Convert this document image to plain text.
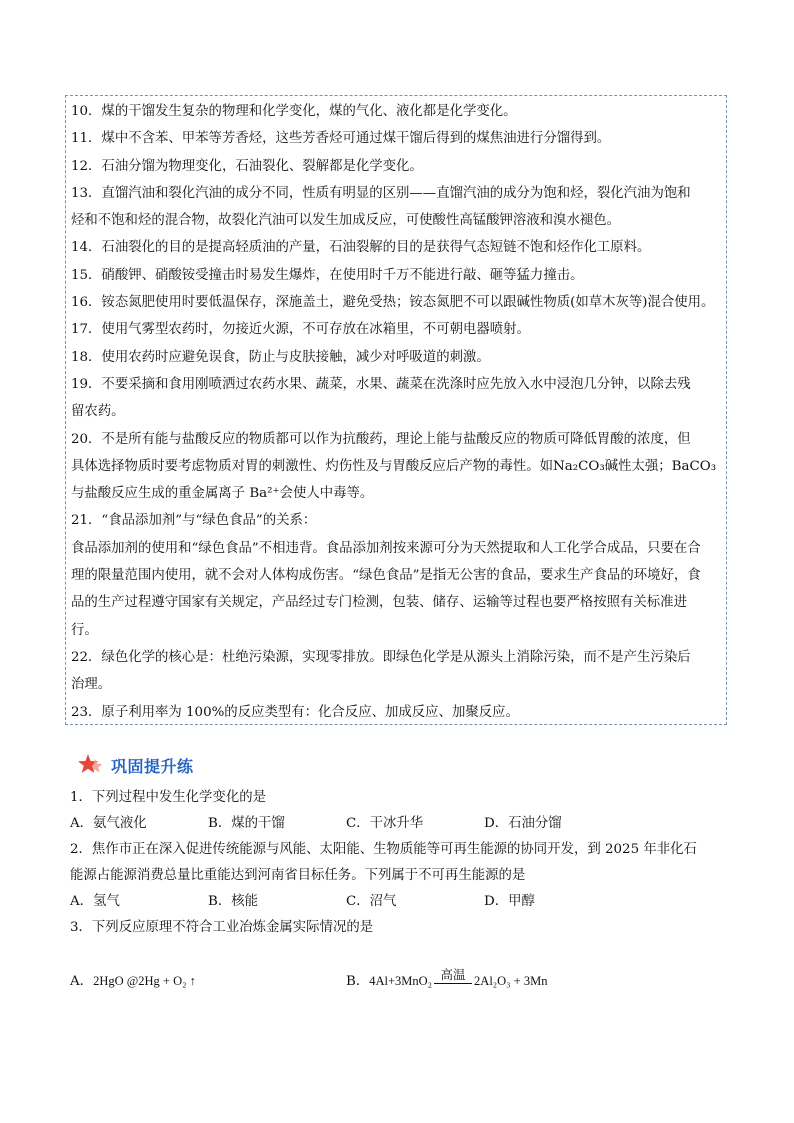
10．煤的干馏发生复杂的物理和化学变化，煤的气化、液化都是化学变化。
11．煤中不含苯、甲苯等芳香烃，这些芳香烃可通过煤干馏后得到的煤焦油进行分馏得到。
12．石油分馏为物理变化，石油裂化、裂解都是化学变化。
13．直馏汽油和裂化汽油的成分不同，性质有明显的区别——直馏汽油的成分为饱和烃，裂化汽油为饱和
烃和不饱和烃的混合物，故裂化汽油可以发生加成反应，可使酸性高锰酸钾溶液和溴水褪色。
14．石油裂化的目的是提高轻质油的产量，石油裂解的目的是获得气态短链不饱和烃作化工原料。
15．硝酸钾、硝酸铵受撞击时易发生爆炸，在使用时千万不能进行敲、砸等猛力撞击。
16．铵态氮肥使用时要低温保存，深施盖土，避免受热；铵态氮肥不可以跟碱性物质(如草木灰等)混合使用。
17．使用气雾型农药时，勿接近火源，不可存放在冰箱里，不可朝电器喷射。
18．使用农药时应避免误食，防止与皮肤接触，减少对呼吸道的刺激。
19．不要采摘和食用刚喷洒过农药水果、蔬菜，水果、蔬菜在洗涤时应先放入水中浸泡几分钟，以除去残
留农药。
20．不是所有能与盐酸反应的物质都可以作为抗酸药，理论上能与盐酸反应的物质可降低胃酸的浓度，但
具体选择物质时要考虑物质对胃的刺激性、灼伤性及与胃酸反应后产物的毒性。如Na₂CO₃碱性太强；BaCO₃
与盐酸反应生成的重金属离子 Ba²⁺会使人中毒等。
21．“食品添加剂”与“绿色食品”的关系：
食品添加剂的使用和“绿色食品”不相违背。食品添加剂按来源可分为天然提取和人工化学合成品，只要在合
理的限量范围内使用，就不会对人体构成伤害。“绿色食品”是指无公害的食品，要求生产食品的环境好，食
品的生产过程遵守国家有关规定，产品经过专门检测，包装、储存、运输等过程也要严格按照有关标准进
行。
22．绿色化学的核心是：杜绝污染源，实现零排放。即绿色化学是从源头上消除污染，而不是产生污染后
治理。
23．原子利用率为 100%的反应类型有：化合反应、加成反应、加聚反应。
巩固提升练
1．下列过程中发生化学变化的是
A．氨气液化	B．煤的干馏	C．干冰升华	D．石油分馏
2．焦作市正在深入促进传统能源与风能、太阳能、生物质能等可再生能源的协同开发，到 2025 年非化石
能源占能源消费总量比重能达到河南省目标任务。下列属于不可再生能源的是
A．氢气	B．核能	C．沼气	D．甲醇
3．下列反应原理不符合工业冶炼金属实际情况的是
A．2HgO @2Hg + O₂ ↑	B． 4Al+3MnO₂ 高温 2Al₂O₃ + 3Mn
